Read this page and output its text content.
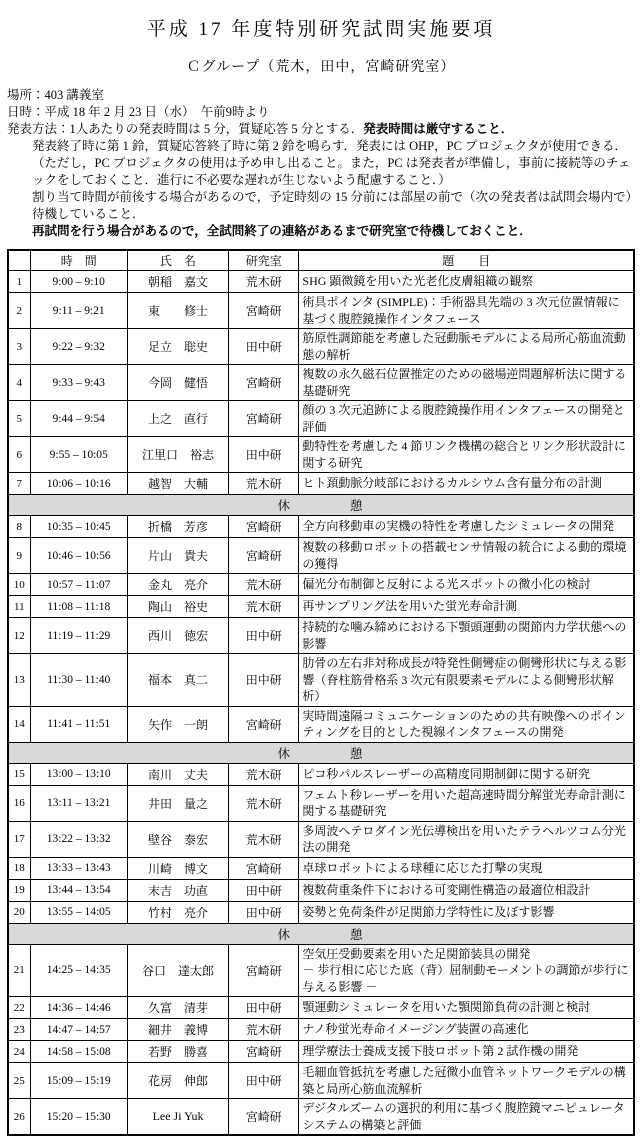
平成 17 年度特別研究試問実施要項
Ｃグループ（荒木，田中，宮崎研究室）
場所：403 講義室
日時：平成 18 年 2 月 23 日（水）　午前9時より
発表方法：1人あたりの発表時間は 5 分，質疑応答 5 分とする．発表時間は厳守すること．
発表終了時に第 1 鈴，質疑応答終了時に第 2 鈴を鳴らす．発表には OHP，PC プロジェクタが使用できる．
（ただし，PC プロジェクタの使用は予め申し出ること。また，PC は発表者が準備し，事前に接続等のチェックをしておくこと．進行に不必要な遅れが生じないよう配慮すること．）
割り当て時間が前後する場合があるので，予定時刻の 15 分前には部屋の前で（次の発表者は試問会場内で）待機していること．
再試問を行う場合があるので，全試問終了の連絡があるまで研究室で待機しておくこと．
	時　間	氏　名	研究室	題　　目
1	9:00 – 9:10	朝稲　嘉文	荒木研	SHG 顕微鏡を用いた光老化皮膚組織の観察
2	9:11 – 9:21	東　　修士	宮崎研	術具ポインタ (SIMPLE)：手術器具先端の 3 次元位置情報に基づく腹腔鏡操作インタフェース
3	9:22 – 9:32	足立　聡史	田中研	筋原性調節能を考慮した冠動脈モデルによる局所心筋血流動態の解析
4	9:33 – 9:43	今岡　健悟	宮崎研	複数の永久磁石位置推定のための磁場逆問題解析法に関する基礎研究
5	9:44 – 9:54	上之　直行	宮崎研	顔の 3 次元追跡による腹腔鏡操作用インタフェースの開発と評価
6	9:55 – 10:05	江里口　裕志	田中研	動特性を考慮した 4 節リンク機構の総合とリンク形状設計に関する研究
7	10:06 – 10:16	越智　大輔	荒木研	ヒト頚動脈分岐部におけるカルシウム含有量分布の計測
休　　　　憩				
8	10:35 – 10:45	折橋　芳彦	宮崎研	全方向移動車の実機の特性を考慮したシミュレータの開発
9	10:46 – 10:56	片山　貴夫	宮崎研	複数の移動ロボットの搭載センサ情報の統合による動的環境の獲得
10	10:57 – 11:07	金丸　亮介	荒木研	偏光分布制御と反射による光スポットの微小化の検討
11	11:08 – 11:18	陶山　裕史	荒木研	再サンプリング法を用いた蛍光寿命計測
12	11:19 – 11:29	西川　徳宏	田中研	持続的な噛み締めにおける下顎頭運動の関節内力学状態への影響
13	11:30 – 11:40	福本　真二	田中研	肋骨の左右非対称成長が特発性側彎症の側彎形状に与える影響（脊柱筋骨格系 3 次元有限要素モデルによる側彎形状解析）
14	11:41 – 11:51	矢作　一朗	宮崎研	実時間遠隔コミュニケーションのための共有映像へのポインティングを目的とした視線インタフェースの開発
休　　　　憩				
15	13:00 – 13:10	南川　丈夫	荒木研	ピコ秒パルスレーザーの高精度同期制御に関する研究
16	13:11 – 13:21	井田　量之	荒木研	フェムト秒レーザーを用いた超高速時間分解蛍光寿命計測に関する基礎研究
17	13:22 – 13:32	壁谷　泰宏	荒木研	多周波ヘテロダイン光伝導検出を用いたテラヘルツコム分光法の開発
18	13:33 – 13:43	川崎　博文	宮崎研	卓球ロボットによる球種に応じた打撃の実現
19	13:44 – 13:54	末吉　功直	田中研	複数荷重条件下における可変剛性構造の最適位相設計
20	13:55 – 14:05	竹村　亮介	田中研	姿勢と免荷条件が足関節力学特性に及ぼす影響
休　　　　憩				
21	14:25 – 14:35	谷口　達太郎	宮崎研	空気圧受動要素を用いた足関節装具の開発
－ 歩行相に応じた底（背）屈制動モーメントの調節が歩行に与える影響 －
22	14:36 – 14:46	久富　清芽	田中研	顎運動シミュレータを用いた顎関節負荷の計測と検討
23	14:47 – 14:57	細井　義博	荒木研	ナノ秒蛍光寿命イメージング装置の高速化
24	14:58 – 15:08	若野　勝喜	宮崎研	理学療法士養成支援下肢ロボット第 2 試作機の開発
25	15:09 – 15:19	花房　伸郎	田中研	毛細血管抵抗を考慮した冠微小血管ネットワークモデルの構築と局所心筋血流解析
26	15:20 – 15:30	Lee Ji Yuk	宮崎研	デジタルズームの選択的利用に基づく腹腔鏡マニピュレータシステムの構築と評価
